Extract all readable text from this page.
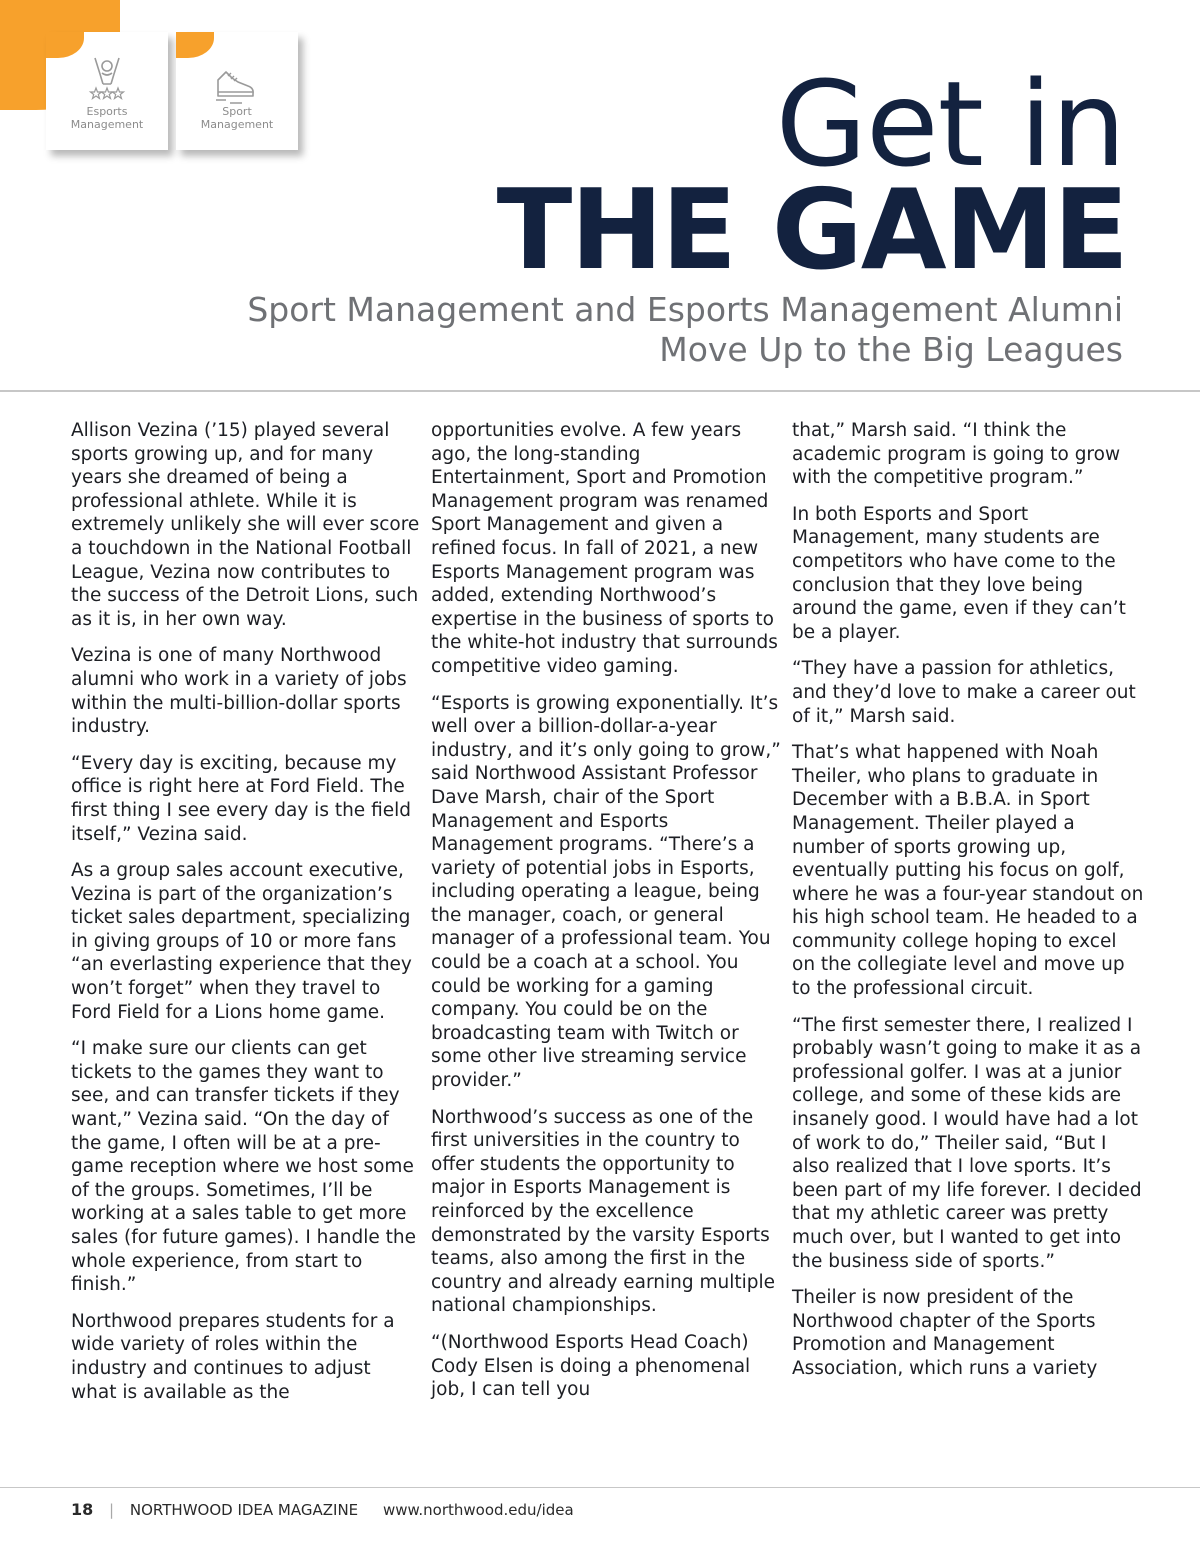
Esports
Management
Sport
Management	Get in
THE GAME
Sport Management and Esports Management Alumni Move Up to the Big Leagues

Allison Vezina (’15) played several sports growing up, and for many years she dreamed of being a professional athlete. While it is extremely unlikely she will ever score a touchdown in the National Football League, Vezina now contributes to the success of the Detroit Lions, such as it is, in her own way.

Vezina is one of many Northwood alumni who work in a variety of jobs within the multi-billion-dollar sports industry.

“Every day is exciting, because my office is right here at Ford Field. The first thing I see every day is the field itself,” Vezina said.

As a group sales account executive, Vezina is part of the organization’s ticket sales department, specializing in giving groups of 10 or more fans “an everlasting experience that they won’t forget” when they travel to Ford Field for a Lions home game.

“I make sure our clients can get tickets to the games they want to see, and can transfer tickets if they want,” Vezina said. “On the day of the game, I often will be at a pre-game reception where we host some of the groups. Sometimes, I’ll be working at a sales table to get more sales (for future games). I handle the whole experience, from start to finish.”

Northwood prepares students for a wide variety of roles within the industry and continues to adjust what is available as the

opportunities evolve. A few years ago, the long-standing Entertainment, Sport and Promotion Management program was renamed Sport Management and given a refined focus. In fall of 2021, a new Esports Management program was added, extending Northwood’s expertise in the business of sports to the white-hot industry that surrounds competitive video gaming.

“Esports is growing exponentially. It’s well over a billion-dollar-a-year industry, and it’s only going to grow,” said Northwood Assistant Professor Dave Marsh, chair of the Sport Management and Esports Management programs. “There’s a variety of potential jobs in Esports, including operating a league, being the manager, coach, or general manager of a professional team. You could be a coach at a school. You could be working for a gaming company. You could be on the broadcasting team with Twitch or some other live streaming service provider.”

Northwood’s success as one of the first universities in the country to offer students the opportunity to major in Esports Management is reinforced by the excellence demonstrated by the varsity Esports teams, also among the first in the country and already earning multiple national championships.

“(Northwood Esports Head Coach) Cody Elsen is doing a phenomenal job, I can tell you

that,” Marsh said. “I think the academic program is going to grow with the competitive program.”

In both Esports and Sport Management, many students are competitors who have come to the conclusion that they love being around the game, even if they can’t be a player.

“They have a passion for athletics, and they’d love to make a career out of it,” Marsh said.

That’s what happened with Noah Theiler, who plans to graduate in December with a B.B.A. in Sport Management. Theiler played a number of sports growing up, eventually putting his focus on golf, where he was a four-year standout on his high school team. He headed to a community college hoping to excel on the collegiate level and move up to the professional circuit.

“The first semester there, I realized I probably wasn’t going to make it as a professional golfer. I was at a junior college, and some of these kids are insanely good. I would have had a lot of work to do,” Theiler said, “But I also realized that I love sports. It’s been part of my life forever. I decided that my athletic career was pretty much over, but I wanted to get into the business side of sports.”

Theiler is now president of the Northwood chapter of the Sports Promotion and Management Association, which runs a variety

18 | NORTHWOOD IDEA MAGAZINE www.northwood.edu/idea
